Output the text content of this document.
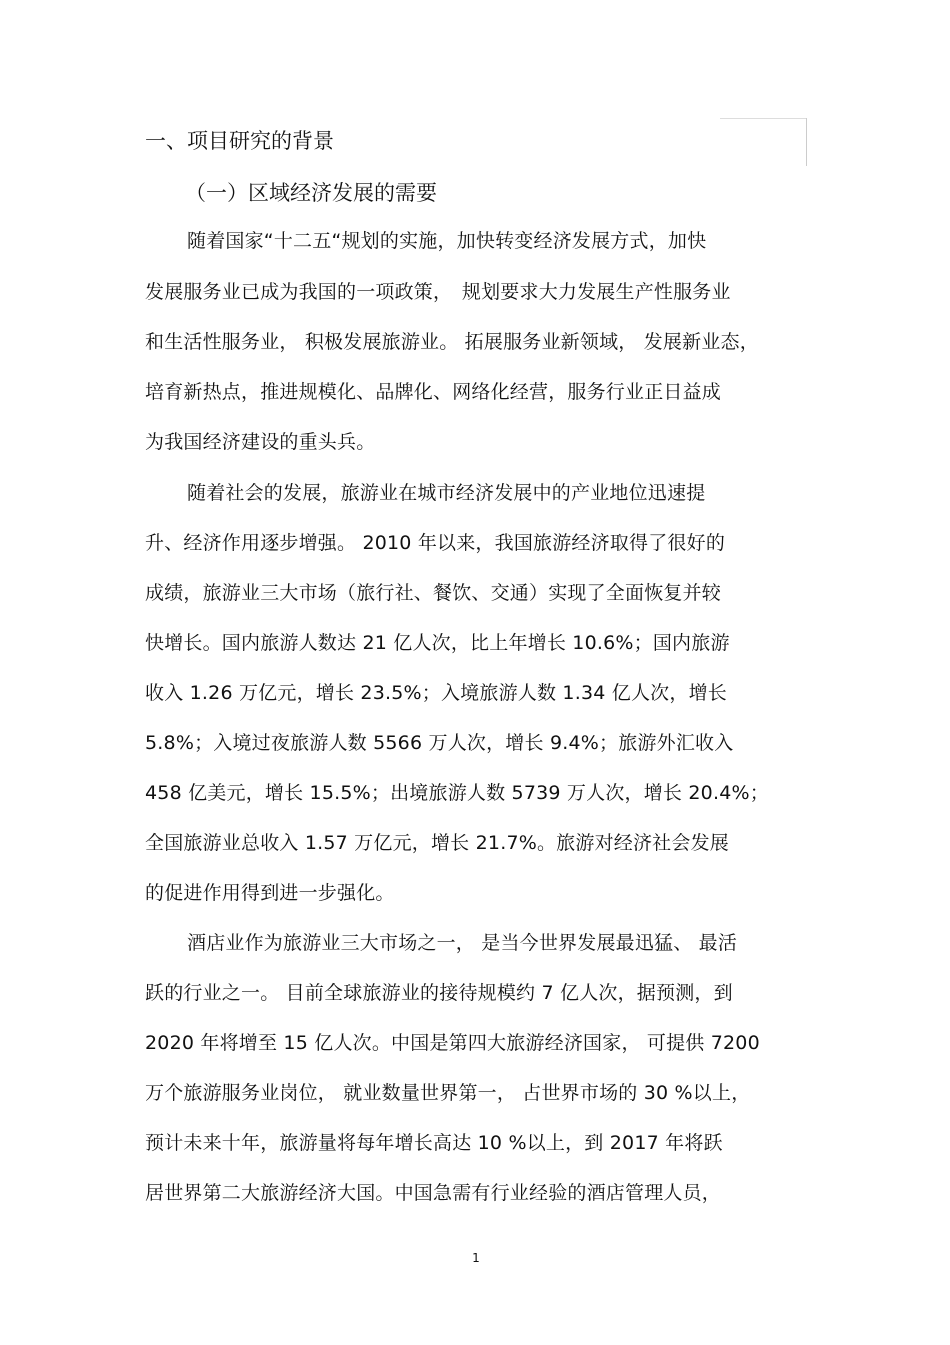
一、项目研究的背景
（一）区域经济发展的需要
随着国家“十二五“规划的实施，加快转变经济发展方式，加快
发展服务业已成为我国的一项政策，　规划要求大力发展生产性服务业
和生活性服务业， 积极发展旅游业。 拓展服务业新领域， 发展新业态，
培育新热点，推进规模化、品牌化、网络化经营，服务行业正日益成
为我国经济建设的重头兵。
随着社会的发展，旅游业在城市经济发展中的产业地位迅速提
升、经济作用逐步增强。 2010 年以来，我国旅游经济取得了很好的
成绩，旅游业三大市场（旅行社、餐饮、交通）实现了全面恢复并较
快增长。国内旅游人数达 21 亿人次，比上年增长 10.6%；国内旅游
收入 1.26 万亿元，增长 23.5%；入境旅游人数 1.34 亿人次，增长
5.8%；入境过夜旅游人数 5566 万人次，增长 9.4%；旅游外汇收入
458 亿美元，增长 15.5%；出境旅游人数 5739 万人次，增长 20.4%；
全国旅游业总收入 1.57 万亿元，增长 21.7%。旅游对经济社会发展
的促进作用得到进一步强化。
酒店业作为旅游业三大市场之一， 是当今世界发展最迅猛、 最活
跃的行业之一。 目前全球旅游业的接待规模约 7 亿人次，据预测，到
2020 年将增至 15 亿人次。中国是第四大旅游经济国家， 可提供 7200
万个旅游服务业岗位， 就业数量世界第一， 占世界市场的 30 %以上，
预计未来十年，旅游量将每年增长高达 10 %以上，到 2017 年将跃
居世界第二大旅游经济大国。中国急需有行业经验的酒店管理人员，
1
